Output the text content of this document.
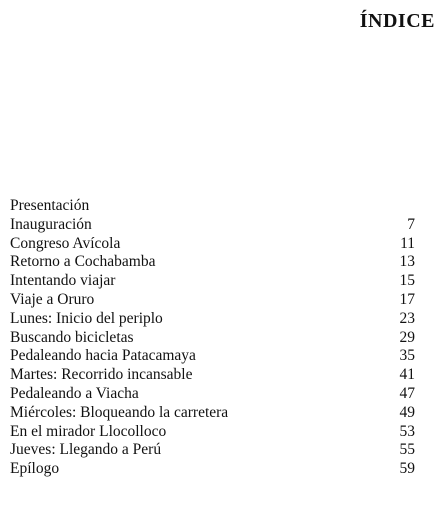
ÍNDICE
Presentación
Inauguración	7
Congreso Avícola	11
Retorno a Cochabamba	13
Intentando viajar	15
Viaje a Oruro	17
Lunes: Inicio del periplo	23
Buscando bicicletas	29
Pedaleando hacia Patacamaya	35
Martes: Recorrido incansable	41
Pedaleando a Viacha	47
Miércoles: Bloqueando la carretera	49
En el mirador Llocolloco	53
Jueves: Llegando a Perú	55
Epílogo	59
